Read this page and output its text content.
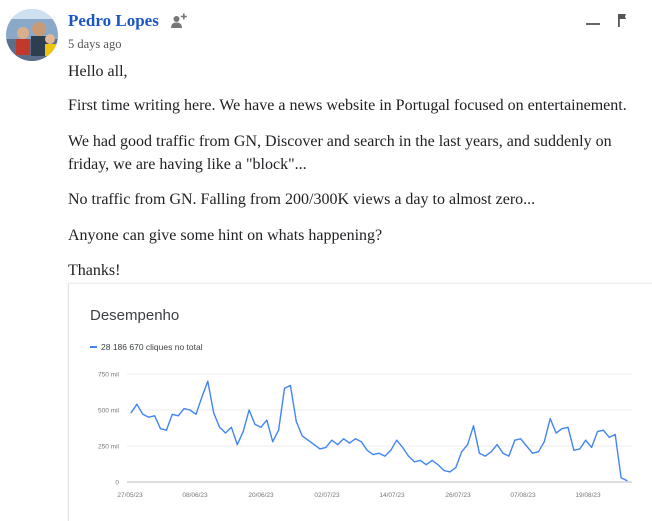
Pedro Lopes
5 days ago

Hello all,

First time writing here. We have a news website in Portugal focused on entertainement.

We had good traffic from GN, Discover and search in the last years, and suddenly on
friday, we are having like a "block"...

No traffic from GN. Falling from 200/300K views a day to almost zero...

Anyone can give some hint on whats happening?

Thanks!

Desempenho
28 186 670 cliques no total
750 mil
500 mil
250 mil
0
27/05/23	08/06/23	20/06/23	02/07/23	14/07/23	26/07/23	07/08/23	19/08/23
